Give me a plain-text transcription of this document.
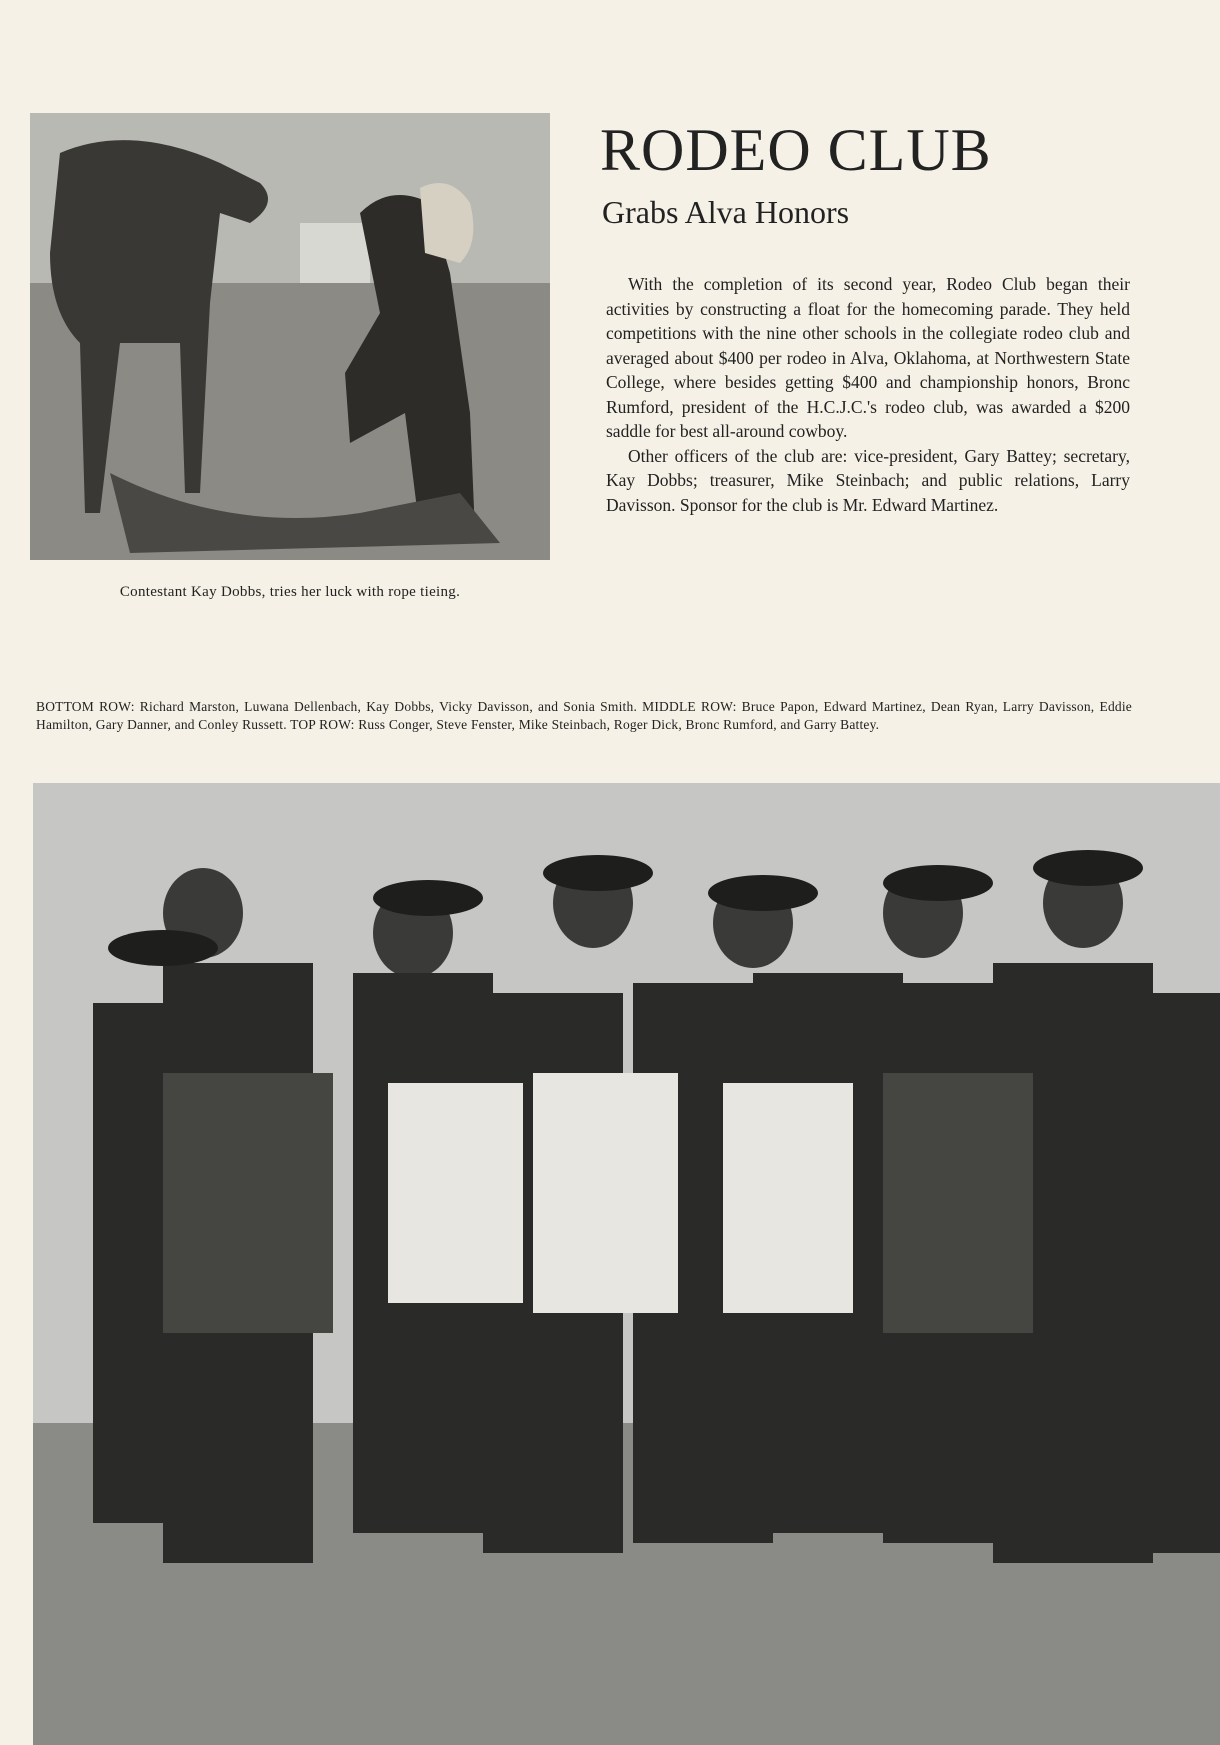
Contestant Kay Dobbs, tries her luck with rope tieing.
RODEO CLUB
Grabs Alva Honors

With the completion of its second year, Rodeo Club began their activities by constructing a float for the homecoming parade. They held competitions with the nine other schools in the collegiate rodeo club and averaged about $400 per rodeo in Alva, Oklahoma, at Northwestern State College, where besides getting $400 and championship honors, Bronc Rumford, president of the H.C.J.C.'s rodeo club, was awarded a $200 saddle for best all-around cowboy.

Other officers of the club are: vice-president, Gary Battey; secretary, Kay Dobbs; treasurer, Mike Steinbach; and public relations, Larry Davisson. Sponsor for the club is Mr. Edward Martinez.

BOTTOM ROW: Richard Marston, Luwana Dellenbach, Kay Dobbs, Vicky Davisson, and Sonia Smith. MIDDLE ROW: Bruce Papon, Edward Martinez, Dean Ryan, Larry Davisson, Eddie Hamilton, Gary Danner, and Conley Russett. TOP ROW: Russ Conger, Steve Fenster, Mike Steinbach, Roger Dick, Bronc Rumford, and Garry Battey.
